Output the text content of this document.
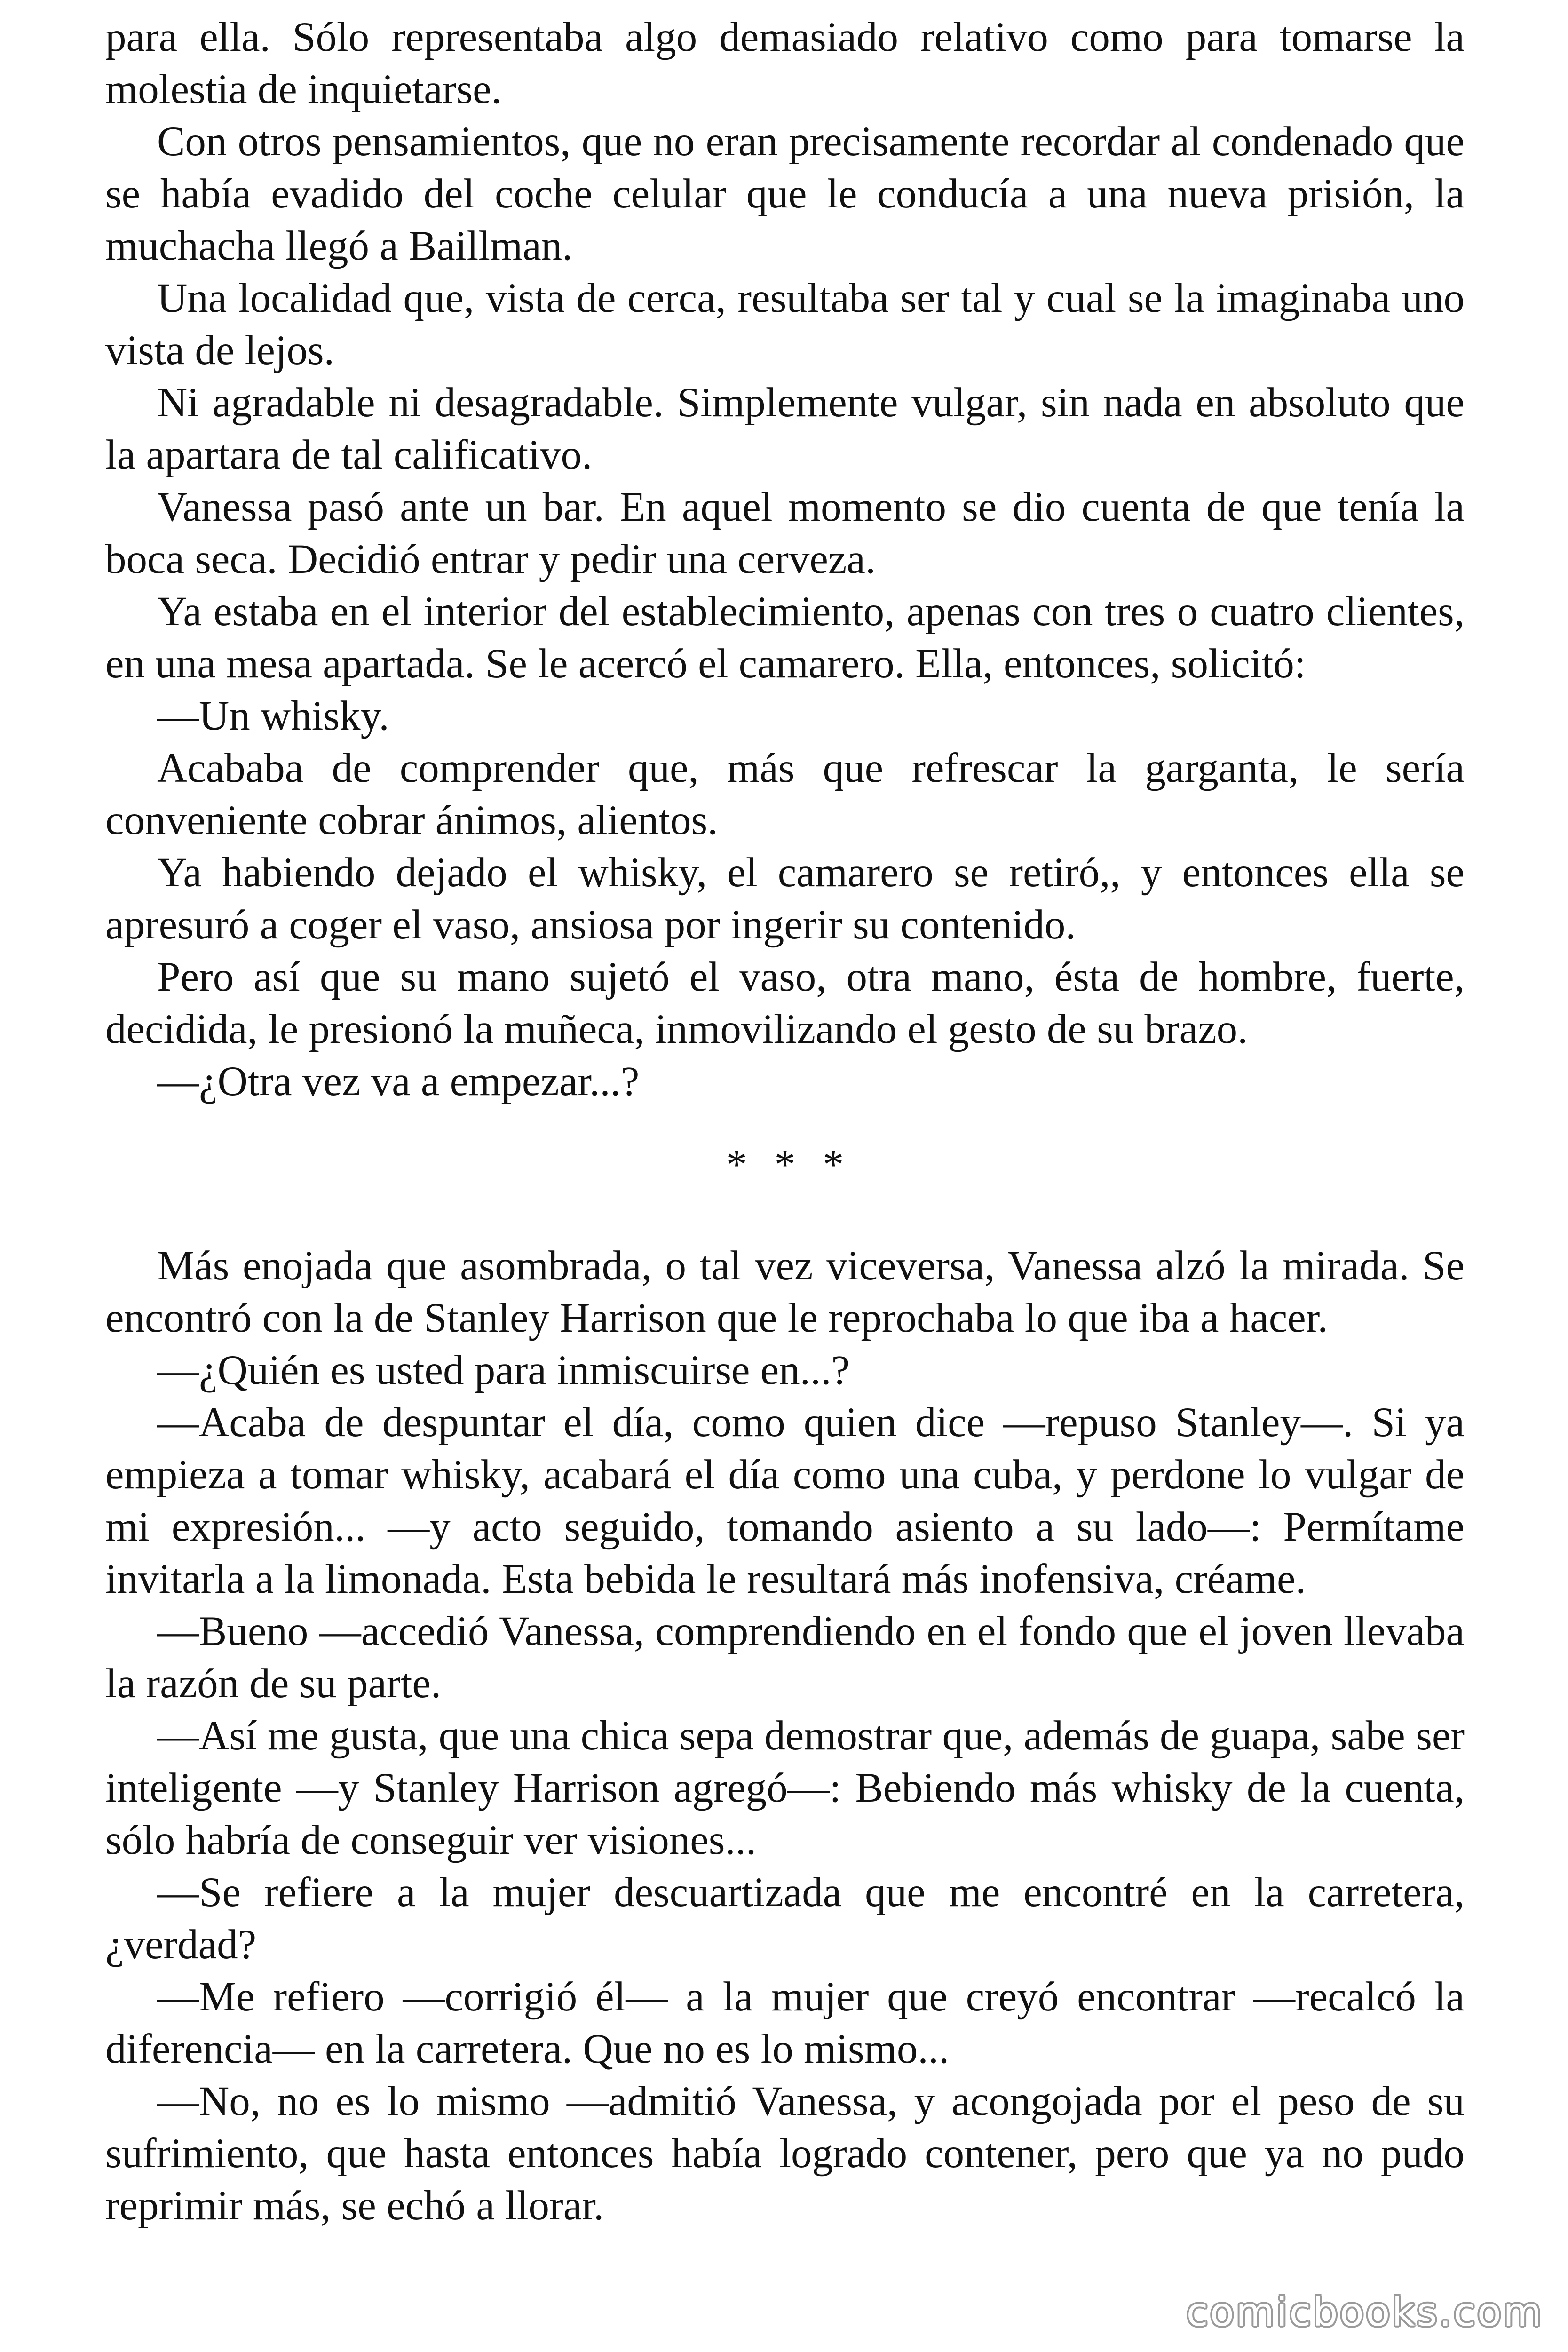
para ella. Sólo representaba algo demasiado relativo como para tomarse la molestia de inquietarse.

Con otros pensamientos, que no eran precisamente recordar al condenado que se había evadido del coche celular que le conducía a una nueva prisión, la muchacha llegó a Baillman.

Una localidad que, vista de cerca, resultaba ser tal y cual se la imaginaba uno vista de lejos.

Ni agradable ni desagradable. Simplemente vulgar, sin nada en absoluto que la apartara de tal calificativo.

Vanessa pasó ante un bar. En aquel momento se dio cuenta de que tenía la boca seca. Decidió entrar y pedir una cerveza.

Ya estaba en el interior del establecimiento, apenas con tres o cuatro clientes, en una mesa apartada. Se le acercó el camarero. Ella, entonces, solicitó:

—Un whisky.

Acababa de comprender que, más que refrescar la garganta, le sería conveniente cobrar ánimos, alientos.

Ya habiendo dejado el whisky, el camarero se retiró,, y entonces ella se apresuró a coger el vaso, ansiosa por ingerir su contenido.

Pero así que su mano sujetó el vaso, otra mano, ésta de hombre, fuerte, decidida, le presionó la muñeca, inmovilizando el gesto de su brazo.

—¿Otra vez va a empezar...?

* * *

Más enojada que asombrada, o tal vez viceversa, Vanessa alzó la mirada. Se encontró con la de Stanley Harrison que le reprochaba lo que iba a hacer.

—¿Quién es usted para inmiscuirse en...?

—Acaba de despuntar el día, como quien dice —repuso Stanley—. Si ya empieza a tomar whisky, acabará el día como una cuba, y perdone lo vulgar de mi expresión... —y acto seguido, tomando asiento a su lado—: Permítame invitarla a la limonada. Esta bebida le resultará más inofensiva, créame.

—Bueno —accedió Vanessa, comprendiendo en el fondo que el joven llevaba la razón de su parte.

—Así me gusta, que una chica sepa demostrar que, además de guapa, sabe ser inteligente —y Stanley Harrison agregó—: Bebiendo más whisky de la cuenta, sólo habría de conseguir ver visiones...

—Se refiere a la mujer descuartizada que me encontré en la carretera, ¿verdad?

—Me refiero —corrigió él— a la mujer que creyó encontrar —recalcó la diferencia— en la carretera. Que no es lo mismo...

—No, no es lo mismo —admitió Vanessa, y acongojada por el peso de su sufrimiento, que hasta entonces había logrado contener, pero que ya no pudo reprimir más, se echó a llorar.

comicbooks.com
